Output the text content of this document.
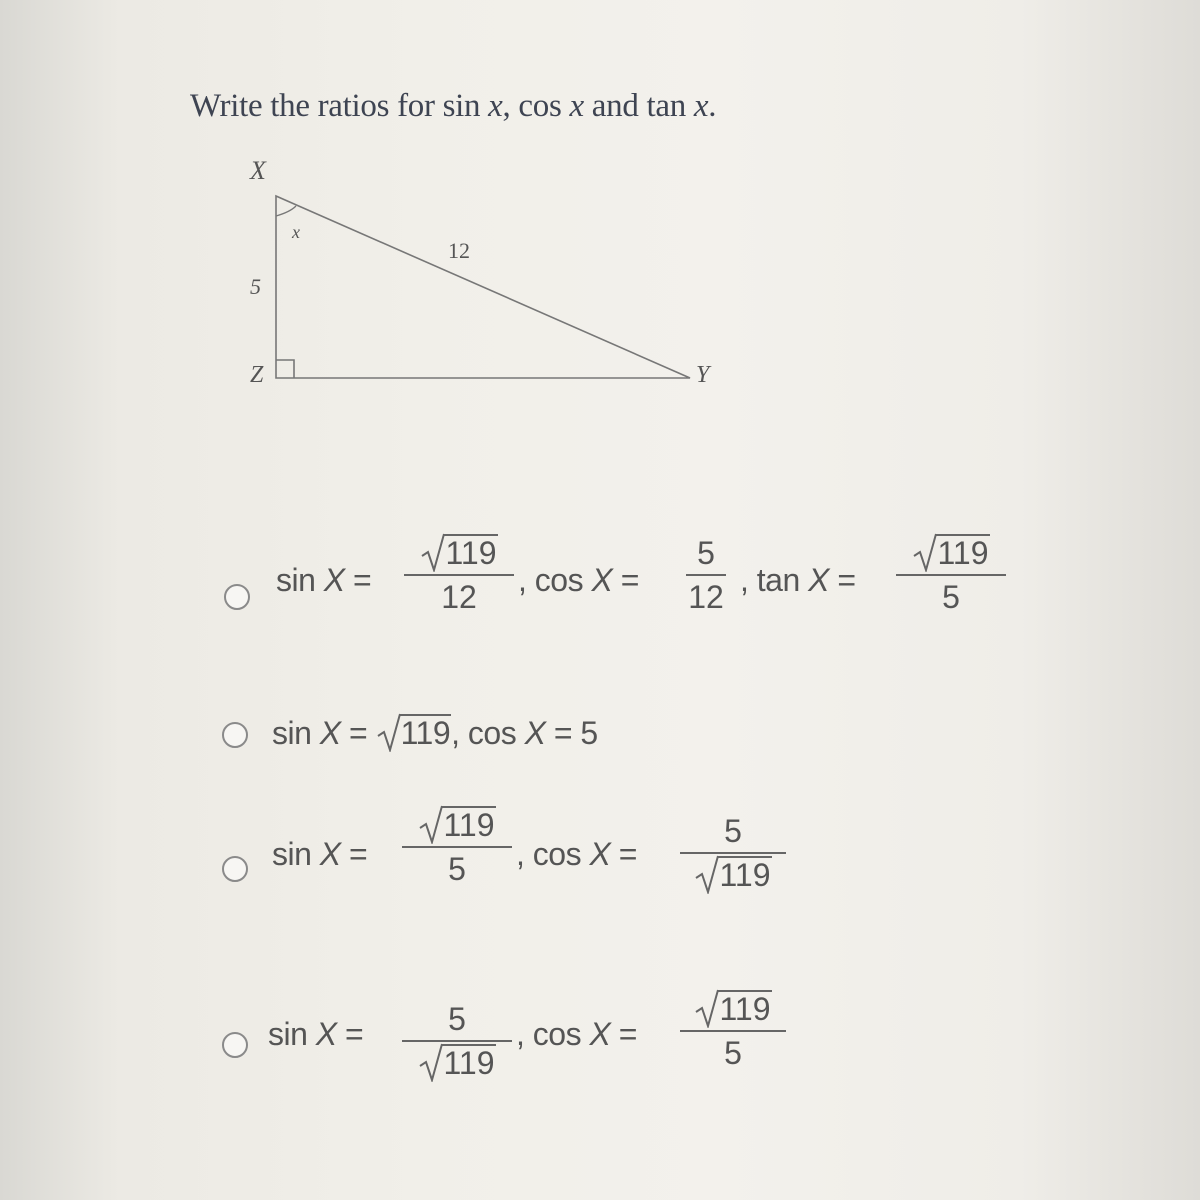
Write the ratios for sin x, cos x and tan x.
X
x
12
5
Z	Y
sin X =
119
12	, cos X =
5
12 , tan X =
119
5
sin X = 119, cos X = 5
sin X =
119
5	, cos X =
5
119
sin X =	5
119
, cos X =
119
5
